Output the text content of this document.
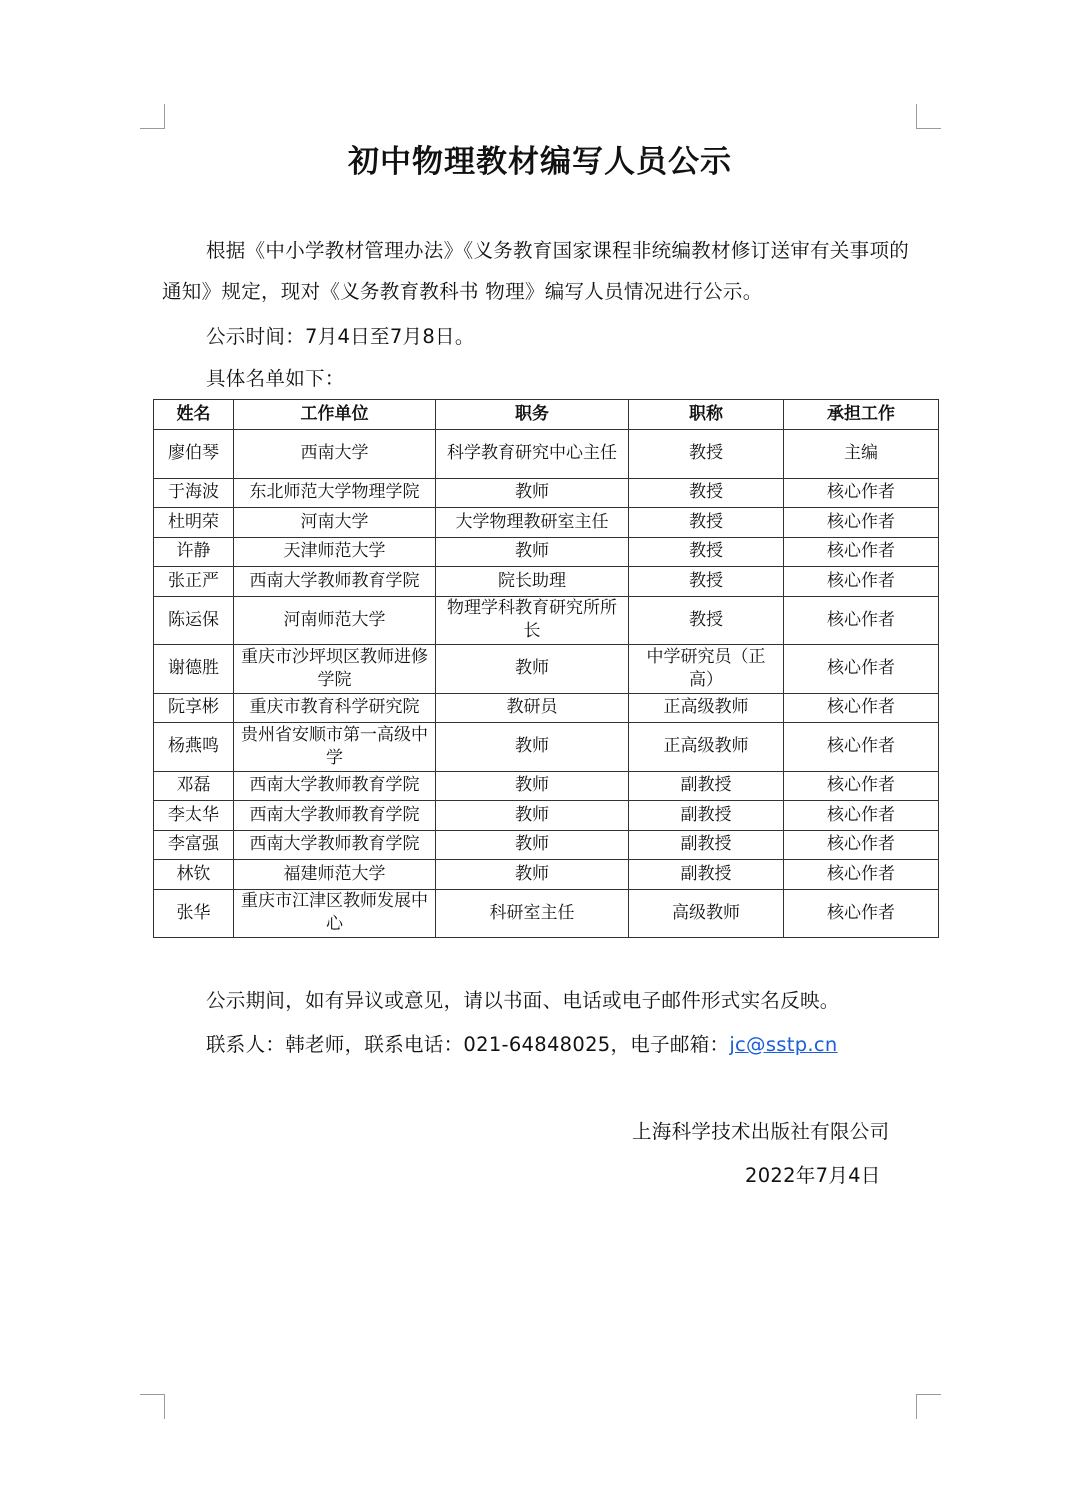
初中物理教材编写人员公示

根据《中小学教材管理办法》《义务教育国家课程非统编教材修订送审有关事项的通知》规定，现对《义务教育教科书 物理》编写人员情况进行公示。

公示时间：7月4日至7月8日。

具体名单如下：

姓名	工作单位	职务	职称	承担工作
廖伯琴	西南大学	科学教育研究中心主任	教授	主编
于海波	东北师范大学物理学院	教师	教授	核心作者
杜明荣	河南大学	大学物理教研室主任	教授	核心作者
许静	天津师范大学	教师	教授	核心作者
张正严	西南大学教师教育学院	院长助理	教授	核心作者
陈运保	河南师范大学	物理学科教育研究所所长	教授	核心作者
谢德胜	重庆市沙坪坝区教师进修学院	教师	中学研究员（正高）	核心作者
阮享彬	重庆市教育科学研究院	教研员	正高级教师	核心作者
杨燕鸣	贵州省安顺市第一高级中学	教师	正高级教师	核心作者
邓磊	西南大学教师教育学院	教师	副教授	核心作者
李太华	西南大学教师教育学院	教师	副教授	核心作者
李富强	西南大学教师教育学院	教师	副教授	核心作者
林钦	福建师范大学	教师	副教授	核心作者
张华	重庆市江津区教师发展中心	科研室主任	高级教师	核心作者

公示期间，如有异议或意见，请以书面、电话或电子邮件形式实名反映。

联系人：韩老师，联系电话：021-64848025，电子邮箱：jc@sstp.cn

上海科学技术出版社有限公司
2022年7月4日
